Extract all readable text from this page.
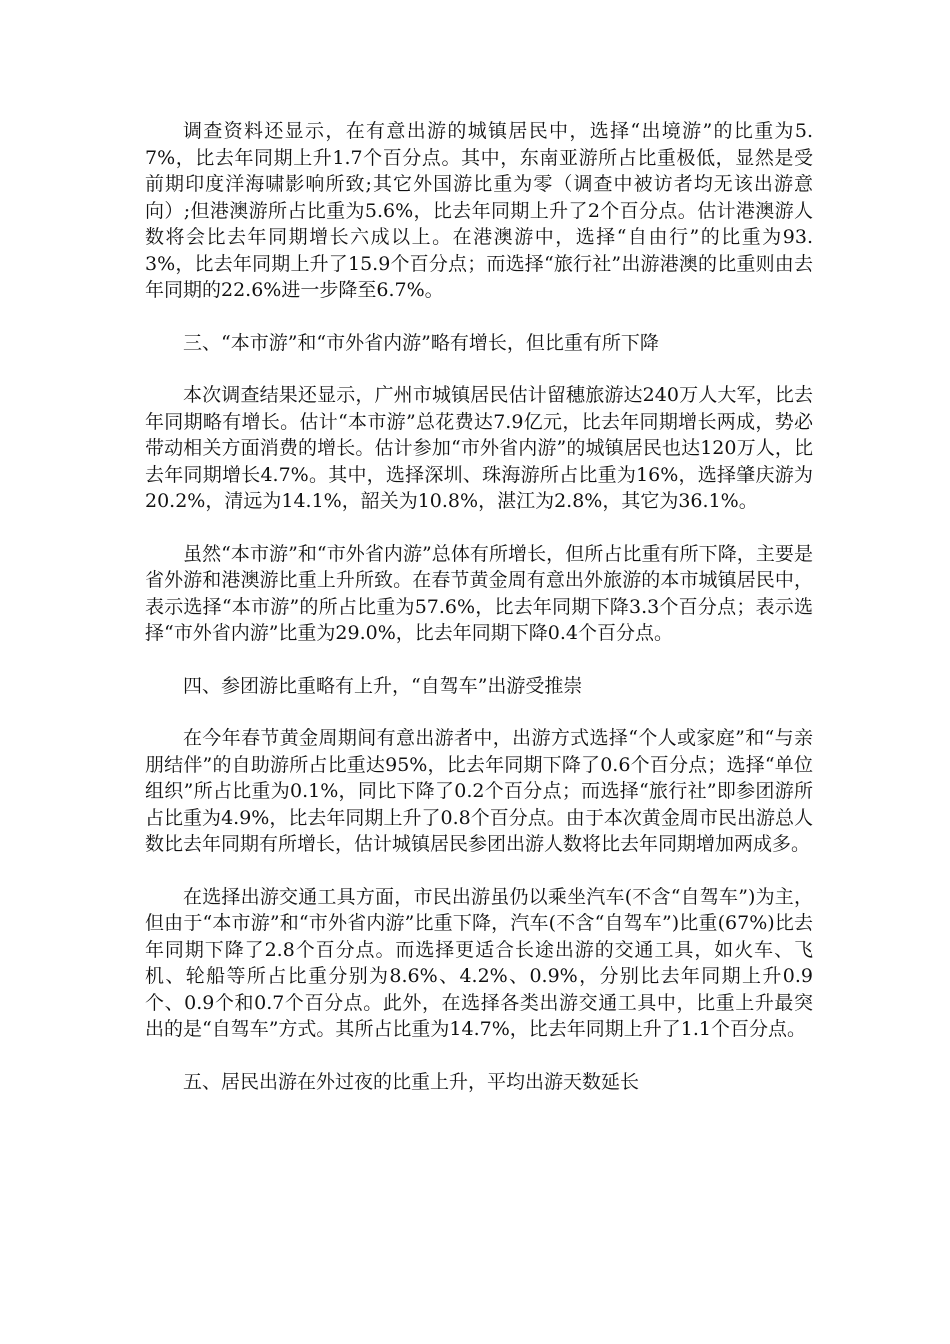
调查资料还显示，在有意出游的城镇居民中，选择“出境游”的比重为5.7%，比去年同期上升1.7个百分点。其中，东南亚游所占比重极低，显然是受前期印度洋海啸影响所致;其它外国游比重为零（调查中被访者均无该出游意向）;但港澳游所占比重为5.6%，比去年同期上升了2个百分点。估计港澳游人数将会比去年同期增长六成以上。在港澳游中，选择“自由行”的比重为93.3%，比去年同期上升了15.9个百分点；而选择“旅行社”出游港澳的比重则由去年同期的22.6%进一步降至6.7%。

三、“本市游”和“市外省内游”略有增长，但比重有所下降

本次调查结果还显示，广州市城镇居民估计留穗旅游达240万人大军，比去年同期略有增长。估计“本市游”总花费达7.9亿元，比去年同期增长两成，势必带动相关方面消费的增长。估计参加“市外省内游”的城镇居民也达120万人，比去年同期增长4.7%。其中，选择深圳、珠海游所占比重为16%，选择肇庆游为20.2%，清远为14.1%，韶关为10.8%，湛江为2.8%，其它为36.1%。

虽然“本市游”和“市外省内游”总体有所增长，但所占比重有所下降，主要是省外游和港澳游比重上升所致。在春节黄金周有意出外旅游的本市城镇居民中，表示选择“本市游”的所占比重为57.6%，比去年同期下降3.3个百分点；表示选择“市外省内游”比重为29.0%，比去年同期下降0.4个百分点。

四、参团游比重略有上升，“自驾车”出游受推崇

在今年春节黄金周期间有意出游者中，出游方式选择“个人或家庭”和“与亲朋结伴”的自助游所占比重达95%，比去年同期下降了0.6个百分点；选择“单位组织”所占比重为0.1%，同比下降了0.2个百分点；而选择“旅行社”即参团游所占比重为4.9%，比去年同期上升了0.8个百分点。由于本次黄金周市民出游总人数比去年同期有所增长，估计城镇居民参团出游人数将比去年同期增加两成多。

在选择出游交通工具方面，市民出游虽仍以乘坐汽车(不含“自驾车”)为主，但由于“本市游”和“市外省内游”比重下降，汽车(不含“自驾车”)比重(67%)比去年同期下降了2.8个百分点。而选择更适合长途出游的交通工具，如火车、飞机、轮船等所占比重分别为8.6%、4.2%、0.9%，分别比去年同期上升0.9个、0.9个和0.7个百分点。此外，在选择各类出游交通工具中，比重上升最突出的是“自驾车”方式。其所占比重为14.7%，比去年同期上升了1.1个百分点。

五、居民出游在外过夜的比重上升，平均出游天数延长
